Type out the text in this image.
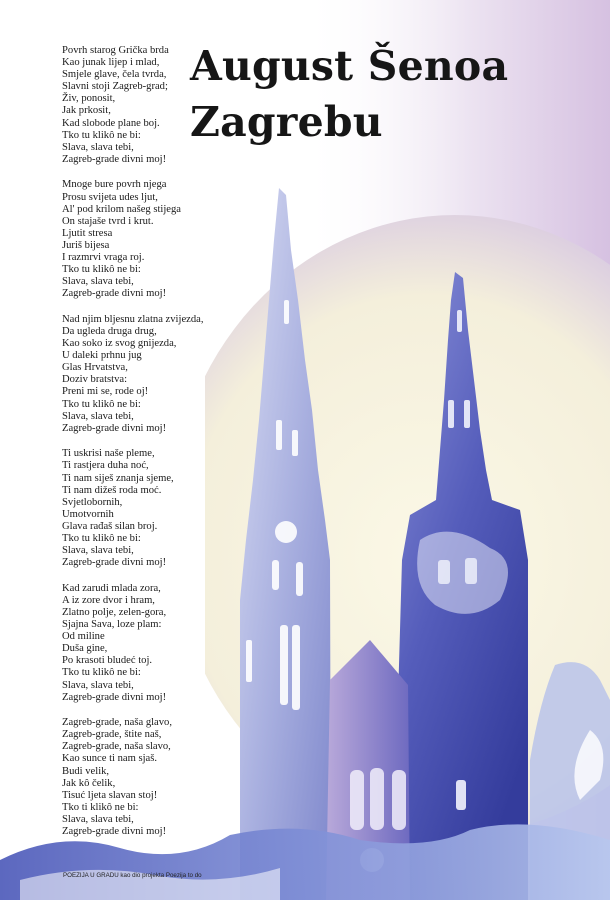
August Šenoa
Zagrebu
Povrh starog Grička brda
Kao junak lijep i mlad,
Smjele glave, čela tvrda,
Slavni stoji Zagreb-grad;
Živ, ponosit,
Jak prkosit,
Kad slobode plane boj.
Tko tu klikô ne bi:
Slava, slava tebi,
Zagreb-grade divni moj!
Mnoge bure povrh njega
Prosu svijeta udes ljut,
Al' pod krilom našeg stijega
On stajaše tvrd i krut.
Ljutit stresa
Juriš bijesa
I razmrvi vraga roj.
Tko tu klikô ne bi:
Slava, slava tebi,
Zagreb-grade divni moj!
Nad njim bljesnu zlatna zvijezda,
Da ugleda druga drug,
Kao soko iz svog gnijezda,
U daleki prhnu jug
Glas Hrvatstva,
Doziv bratstva:
Preni mi se, rode oj!
Tko tu klikô ne bi:
Slava, slava tebi,
Zagreb-grade divni moj!
Ti uskrisi naše pleme,
Ti rastjera duha noć,
Ti nam siješ znanja sjeme,
Ti nam dižeš roda moć.
Svjetlobornih,
Umotvornih
Glava rađaš silan broj.
Tko tu klikô ne bi:
Slava, slava tebi,
Zagreb-grade divni moj!
Kad zarudi mlada zora,
A iz zore dvor i hram,
Zlatno polje, zelen-gora,
Sjajna Sava, loze plam:
Od miline
Duša gine,
Po krasoti bludeć toj.
Tko tu klikô ne bi:
Slava, slava tebi,
Zagreb-grade divni moj!
Zagreb-grade, naša glavo,
Zagreb-grade, štite naš,
Zagreb-grade, naša slavo,
Kao sunce ti nam sjaš.
Budi velik,
Jak kô čelik,
Tisuć ljeta slavan stoj!
Tko ti klikô ne bi:
Slava, slava tebi,
Zagreb-grade divni moj!
POEZIJA U GRADU kao dio projekta Poezija to do
